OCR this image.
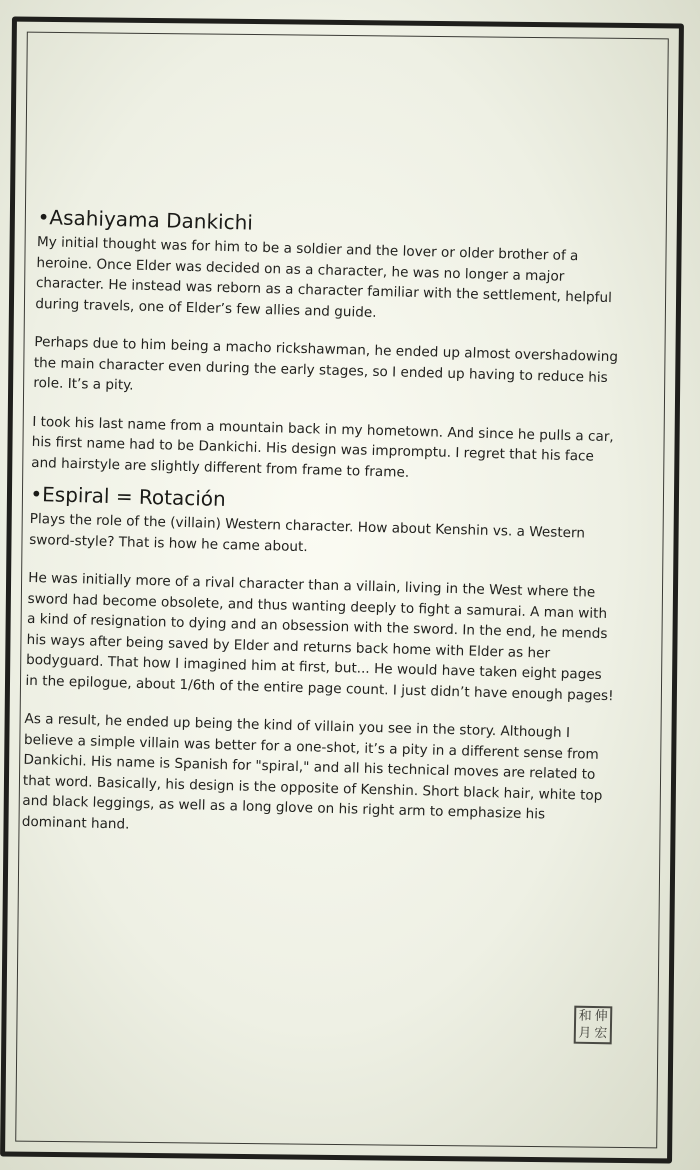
•Asahiyama Dankichi

My initial thought was for him to be a soldier and the lover or older brother of a heroine. Once Elder was decided on as a character, he was no longer a major character. He instead was reborn as a character familiar with the settlement, helpful during travels, one of Elder’s few allies and guide.

Perhaps due to him being a macho rickshawman, he ended up almost overshadowing the main character even during the early stages, so I ended up having to reduce his role. It’s a pity.

I took his last name from a mountain back in my hometown. And since he pulls a car, his first name had to be Dankichi. His design was impromptu. I regret that his face and hairstyle are slightly different from frame to frame.

•Espiral = Rotación

Plays the role of the (villain) Western character. How about Kenshin vs. a Western sword-style? That is how he came about.

He was initially more of a rival character than a villain, living in the West where the sword had become obsolete, and thus wanting deeply to fight a samurai. A man with a kind of resignation to dying and an obsession with the sword. In the end, he mends his ways after being saved by Elder and returns back home with Elder as her bodyguard. That how I imagined him at first, but... He would have taken eight pages in the epilogue, about 1/6th of the entire page count. I just didn’t have enough pages!

As a result, he ended up being the kind of villain you see in the story. Although I believe a simple villain was better for a one-shot, it’s a pity in a different sense from Dankichi. His name is Spanish for "spiral," and all his technical moves are related to that word. Basically, his design is the opposite of Kenshin. Short black hair, white top and black leggings, as well as a long glove on his right arm to emphasize his dominant hand.

和 伸
月 宏
